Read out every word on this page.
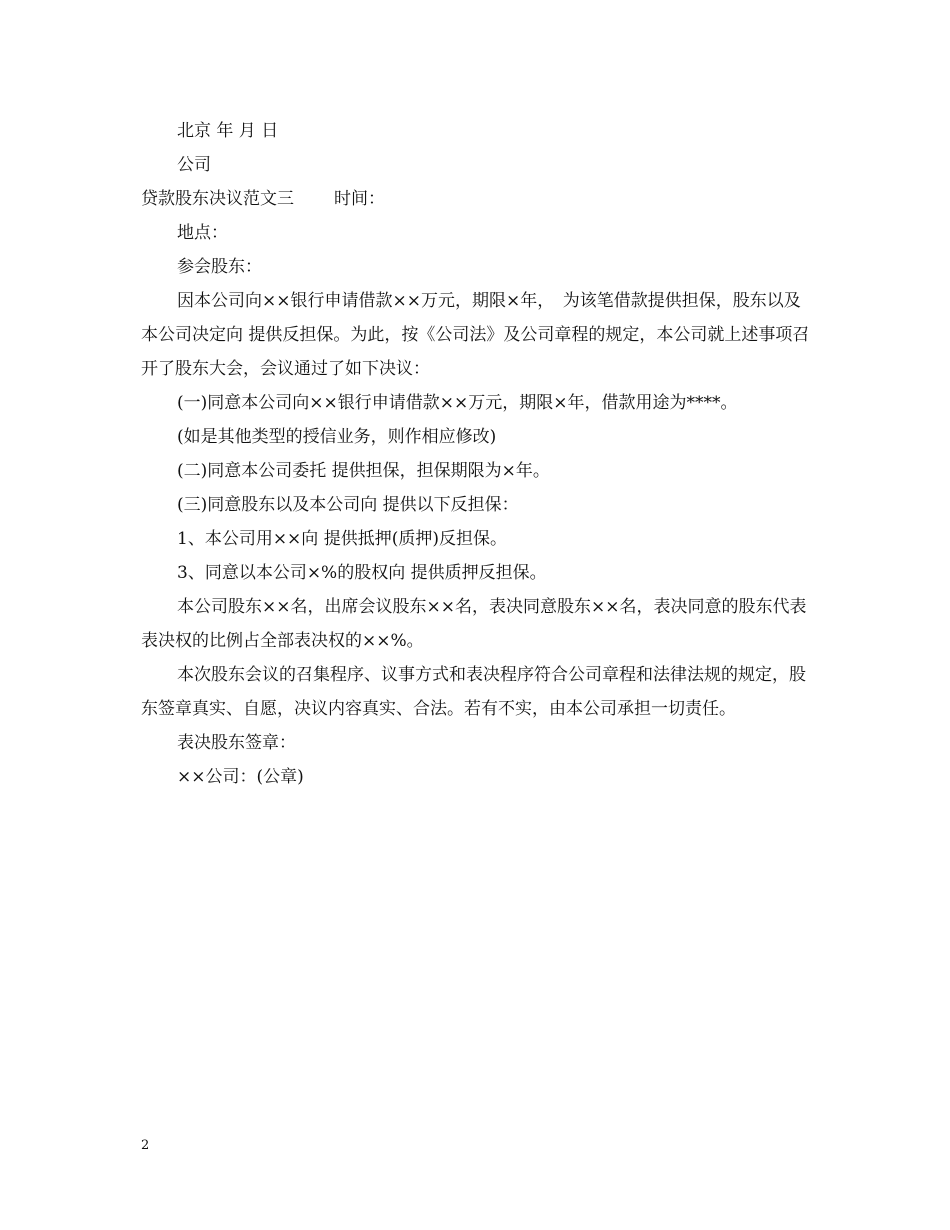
北京 年 月 日

公司

贷款股东决议范文三 时间：

地点：

参会股东：

因本公司向××银行申请借款××万元，期限×年，　为该笔借款提供担保，股东以及本公司决定向 提供反担保。为此，按《公司法》及公司章程的规定，本公司就上述事项召开了股东大会，会议通过了如下决议：

(一)同意本公司向××银行申请借款××万元，期限×年，借款用途为****。

(如是其他类型的授信业务，则作相应修改)

(二)同意本公司委托 提供担保，担保期限为×年。

(三)同意股东以及本公司向 提供以下反担保：

1、本公司用××向 提供抵押(质押)反担保。

3、同意以本公司×%的股权向 提供质押反担保。

本公司股东××名，出席会议股东××名，表决同意股东××名，表决同意的股东代表表决权的比例占全部表决权的××%。

本次股东会议的召集程序、议事方式和表决程序符合公司章程和法律法规的规定，股东签章真实、自愿，决议内容真实、合法。若有不实，由本公司承担一切责任。

表决股东签章：

××公司：(公章)

2
